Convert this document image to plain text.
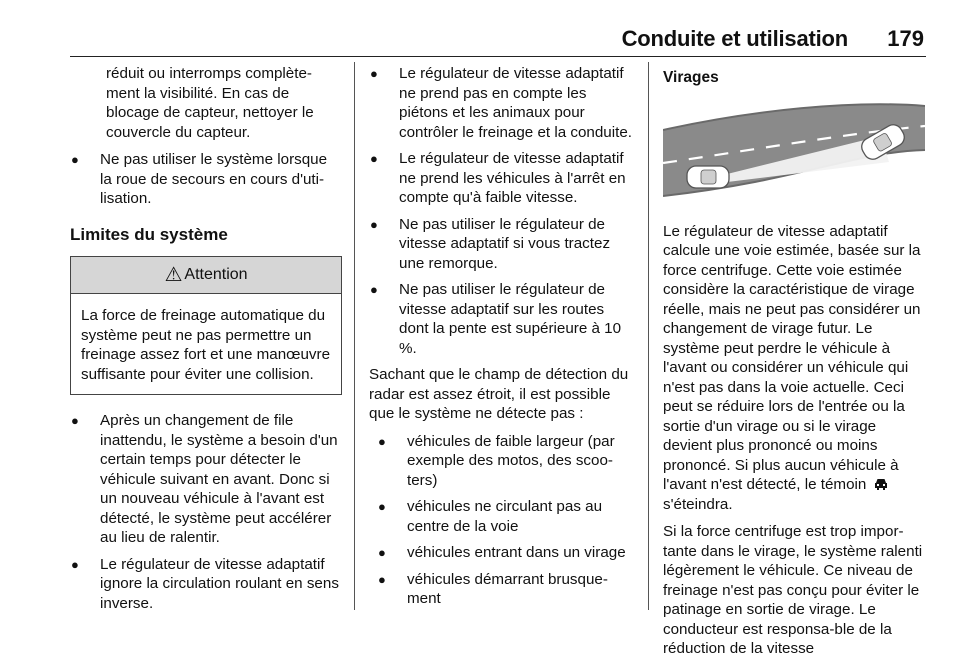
Conduite et utilisation 179

réduit ou interromps complète-ment la visibilité. En cas de blocage de capteur, nettoyer le couvercle du capteur.

● Ne pas utiliser le système lorsque la roue de secours en cours d'uti-lisation.
Limites du système
⚠ Attention
La force de freinage automatique du système peut ne pas permettre un freinage assez fort et une manœuvre suffisante pour éviter une collision.
● Après un changement de file inattendu, le système a besoin d'un certain temps pour détecter le véhicule suivant en avant. Donc si un nouveau véhicule à l'avant est détecté, le système peut accélérer au lieu de ralentir.
● Le régulateur de vitesse adaptatif ignore la circulation roulant en sens inverse.
● Le régulateur de vitesse adaptatif ne prend pas en compte les piétons et les animaux pour contrôler le freinage et la conduite.
● Le régulateur de vitesse adaptatif ne prend les véhicules à l'arrêt en compte qu'à faible vitesse.
● Ne pas utiliser le régulateur de vitesse adaptatif si vous tractez une remorque.
● Ne pas utiliser le régulateur de vitesse adaptatif sur les routes dont la pente est supérieure à 10 %.

Sachant que le champ de détection du radar est assez étroit, il est possible que le système ne détecte pas :

● véhicules de faible largeur (par exemple des motos, des scoo-ters)
● véhicules ne circulant pas au centre de la voie
● véhicules entrant dans un virage
● véhicules démarrant brusque-ment
Virages

Le régulateur de vitesse adaptatif calcule une voie estimée, basée sur la force centrifuge. Cette voie estimée considère la caractéristique de virage réelle, mais ne peut pas considérer un changement de virage futur. Le système peut perdre le véhicule à l'avant ou considérer un véhicule qui n'est pas dans la voie actuelle. Ceci peut se réduire lors de l'entrée ou la sortie d'un virage ou si le virage devient plus prononcé ou moins prononcé. Si plus aucun véhicule à l'avant n'est détecté, le témoin
s'éteindra.

Si la force centrifuge est trop impor-tante dans le virage, le système ralenti légèrement le véhicule. Ce niveau de freinage n'est pas conçu pour éviter le patinage en sortie de virage. Le conducteur est responsa-ble de la réduction de la vitesse
